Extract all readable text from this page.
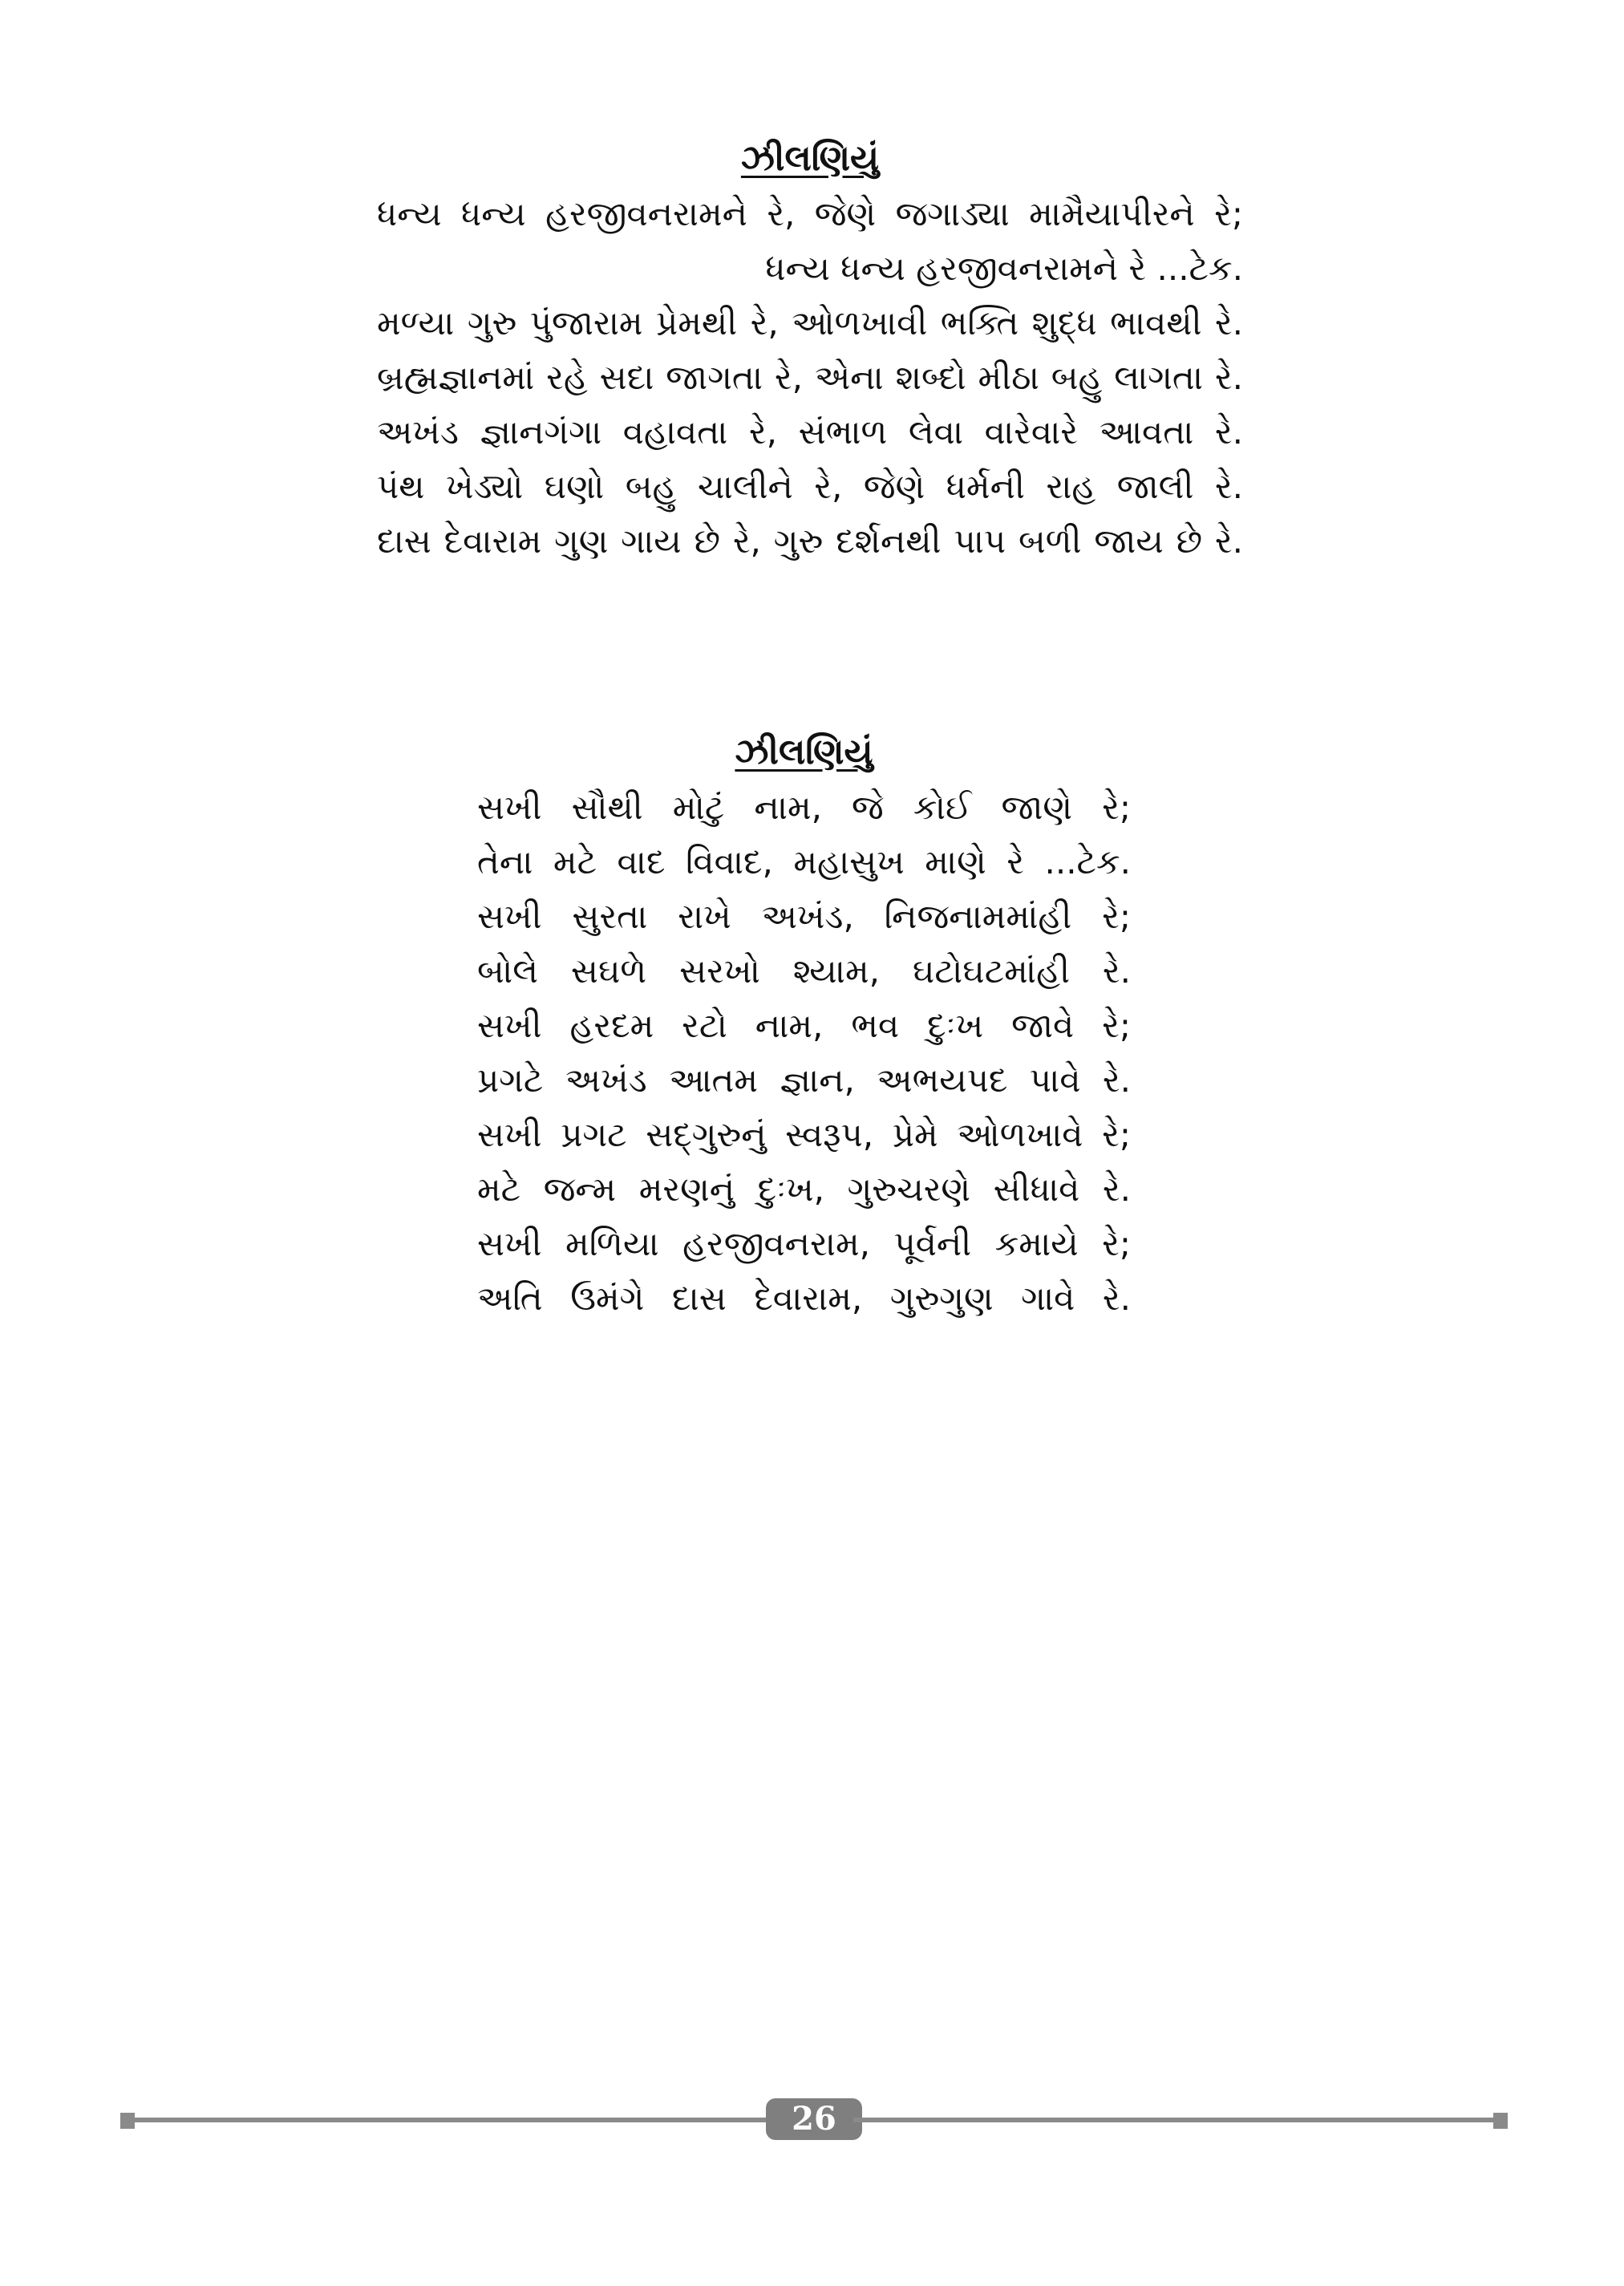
ઝીલણિયું
ધન્ય ધન્ય હરજીવનરામને રે, જેણે જગાડ્યા મામૈયાપીરને રે;
ધન્ય ધન્ય હરજીવનરામને રે ...ટેક.
મળ્યા ગુરુ પુંજારામ પ્રેમથી રે, ઓળખાવી ભક્તિ શુદ્ધ ભાવથી રે.
બ્રહ્મજ્ઞાનમાં રહે સદા જાગતા રે, એના શબ્દો મીઠા બહુ લાગતા રે.
અખંડ જ્ઞાનગંગા વહાવતા રે, સંભાળ લેવા વારેવારે આવતા રે.
પંથ ખેડ્યો ઘણો બહુ ચાલીને રે, જેણે ધર્મની રાહ જાલી રે.
દાસ દેવારામ ગુણ ગાય છે રે, ગુરુ દર્શનથી પાપ બળી જાય છે રે.
ઝીલણિયું
સખી સૌથી મોટું નામ, જે કોઈ જાણે રે;
તેના મટે વાદ વિવાદ, મહાસુખ માણે રે ...ટેક.
સખી સુરતા રાખે અખંડ, નિજનામમાંહી રે;
બોલે સઘળે સરખો શ્યામ, ઘટોઘટમાંહી રે.
સખી હરદમ રટો નામ, ભવ દુઃખ જાવે રે;
પ્રગટે અખંડ આતમ જ્ઞાન, અભયપદ પાવે રે.
સખી પ્રગટ સદ્ગુરુનું સ્વરૂપ, પ્રેમે ઓળખાવે રે;
મટે જન્મ મરણનું દુઃખ, ગુરુચરણે સીધાવે રે.
સખી મળિયા હરજીવનરામ, પૂર્વની કમાયે રે;
અતિ ઉમંગે દાસ દેવારામ, ગુરુગુણ ગાવે રે.
26
